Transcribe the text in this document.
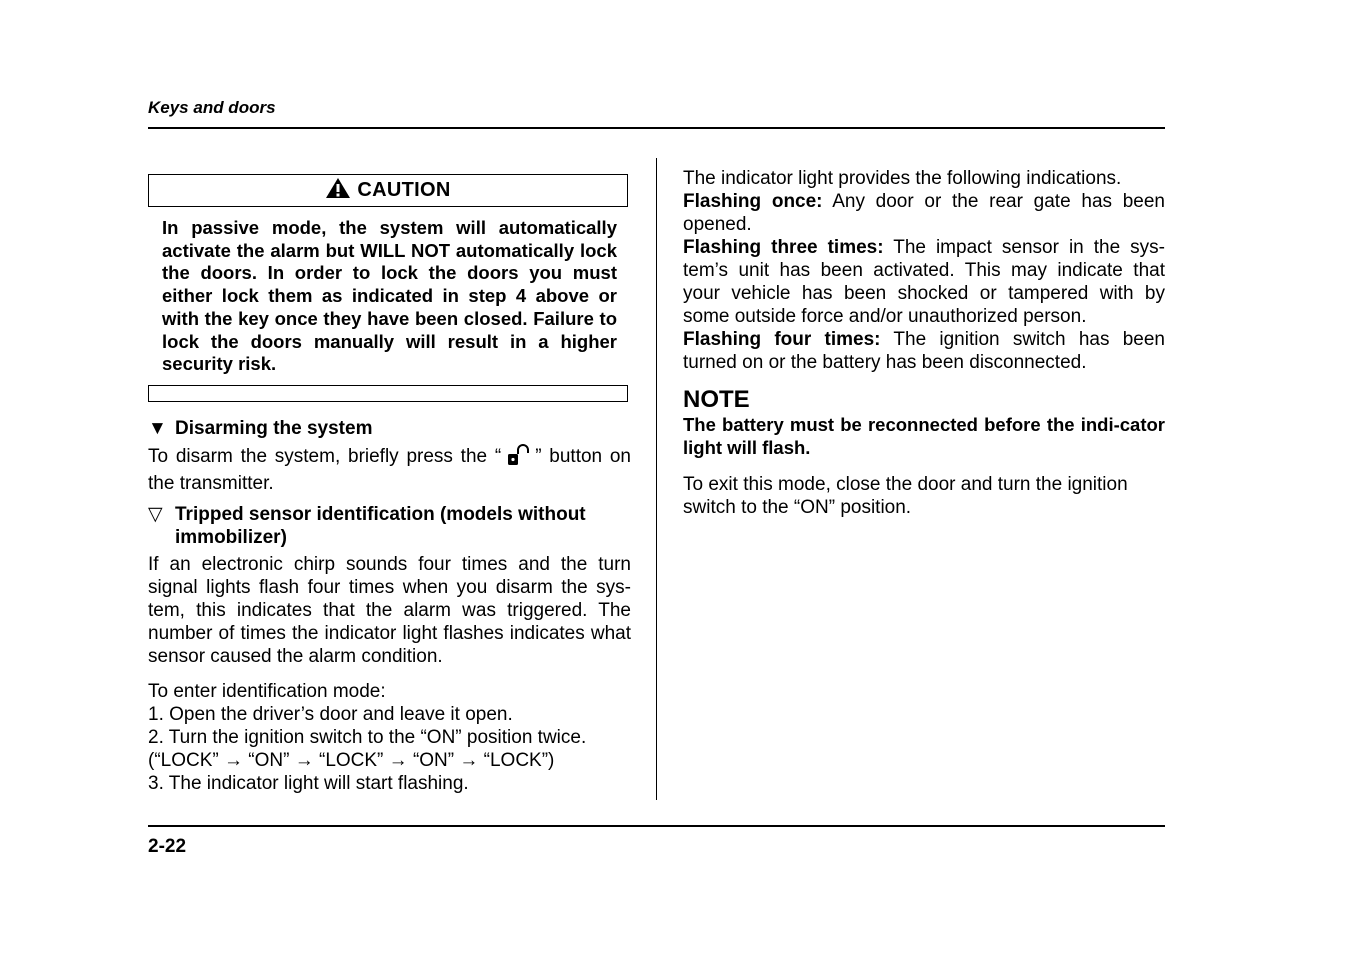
Keys and doors
CAUTION
In passive mode, the system will automatically activate the alarm but WILL NOT automatically lock the doors. In order to lock the doors you must either lock them as indicated in step 4 above or with the key once they have been closed. Failure to lock the doors manually will result in a higher security risk.
▼ Disarming the system

To disarm the system, briefly press the “ ” button on the transmitter.

▽ Tripped sensor identification (models without immobilizer)
If an electronic chirp sounds four times and the turn signal lights flash four times when you disarm the sys-tem, this indicates that the alarm was triggered. The number of times the indicator light flashes indicates what sensor caused the alarm condition.

To enter identification mode:

1. Open the driver’s door and leave it open.

2. Turn the ignition switch to the “ON” position twice. (“LOCK” → “ON” → “LOCK” → “ON” → “LOCK”)

3. The indicator light will start flashing.

The indicator light provides the following indications.

Flashing once: Any door or the rear gate has been opened.

Flashing three times: The impact sensor in the sys-tem’s unit has been activated. This may indicate that your vehicle has been shocked or tampered with by some outside force and/or unauthorized person.

Flashing four times: The ignition switch has been turned on or the battery has been disconnected.

NOTE
The battery must be reconnected before the indi-cator light will flash.
To exit this mode, close the door and turn the ignition switch to the “ON” position.
2-22
